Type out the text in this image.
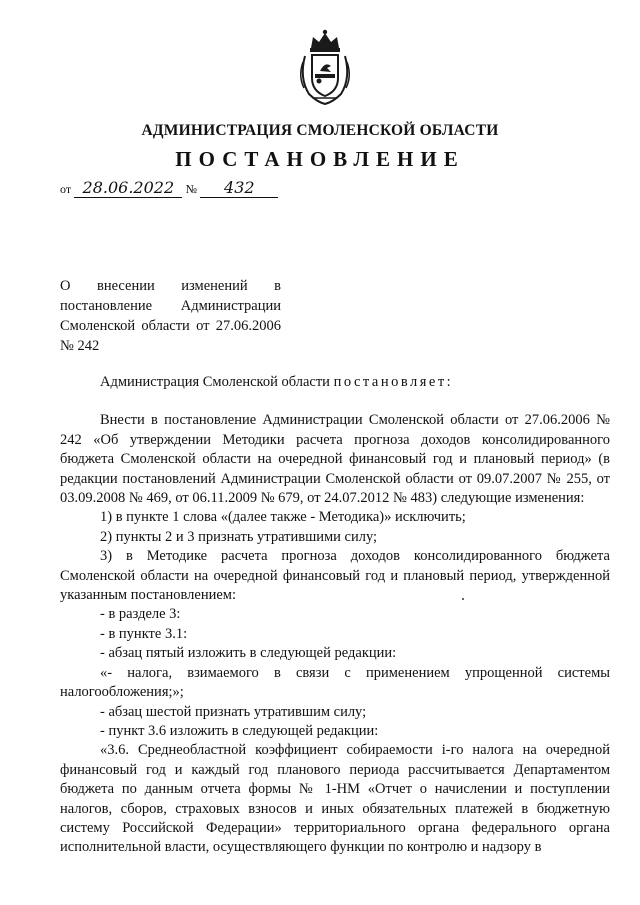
АДМИНИСТРАЦИЯ СМОЛЕНСКОЙ ОБЛАСТИ
ПОСТАНОВЛЕНИЕ
от 28.06.2022 № 432
О внесении изменений в
постановление Администрации
Смоленской области от 27.06.2006
№ 242

Администрация Смоленской области постановляет:

Внести в постановление Администрации Смоленской области от 27.06.2006 № 242 «Об утверждении Методики расчета прогноза доходов консолидированного бюджета Смоленской области на очередной финансовый год и плановый период» (в редакции постановлений Администрации Смоленской области от 09.07.2007 № 255, от 03.09.2008 № 469, от 06.11.2009 № 679, от 24.07.2012 № 483) следующие изменения:

1) в пункте 1 слова «(далее также - Методика)» исключить;

2) пункты 2 и 3 признать утратившими силу;

3) в Методике расчета прогноза доходов консолидированного бюджета Смоленской области на очередной финансовый год и плановый период, утвержденной указанным постановлением:

- в разделе 3:

- в пункте 3.1:

- абзац пятый изложить в следующей редакции:

«- налога, взимаемого в связи с применением упрощенной системы налогообложения;»;

- абзац шестой признать утратившим силу;

- пункт 3.6 изложить в следующей редакции:

«3.6. Среднеобластной коэффициент собираемости i-го налога на очередной финансовый год и каждый год планового периода рассчитывается Департаментом бюджета по данным отчета формы № 1-НМ «Отчет о начислении и поступлении налогов, сборов, страховых взносов и иных обязательных платежей в бюджетную систему Российской Федерации» территориального органа федерального органа исполнительной власти, осуществляющего функции по контролю и надзору в
